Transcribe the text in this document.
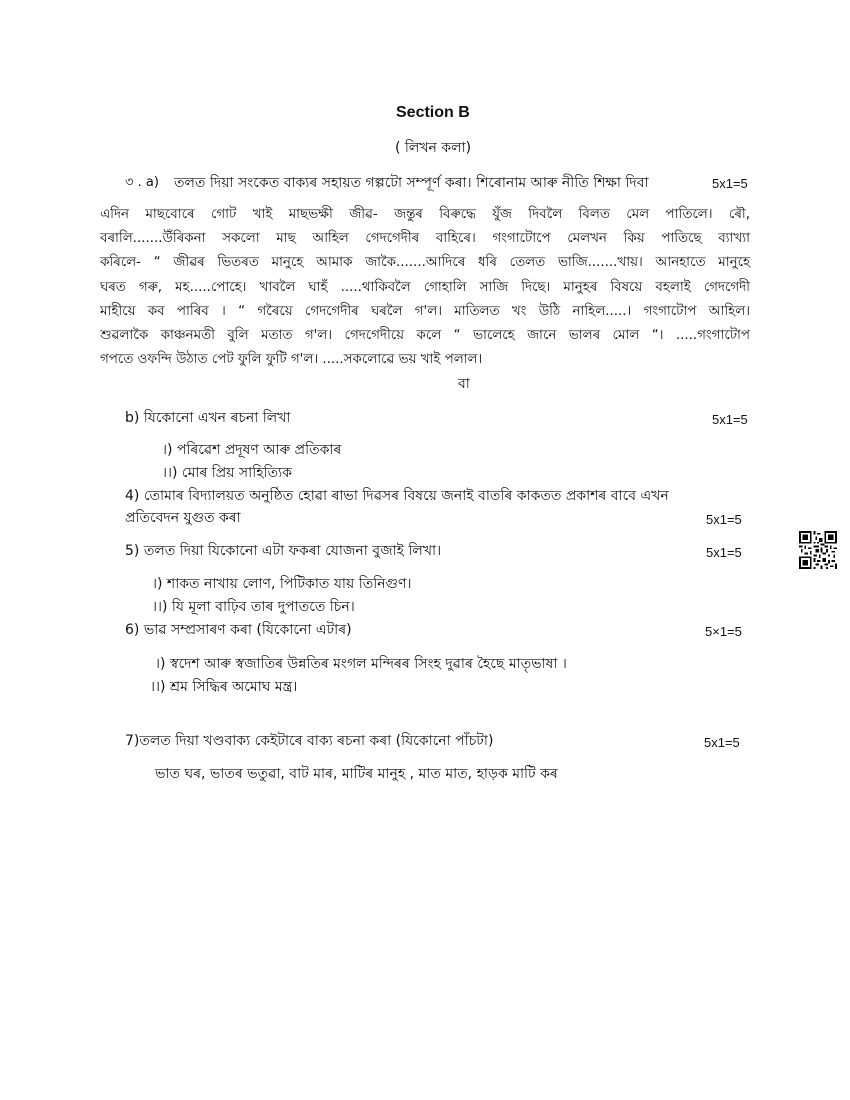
Section B
( লিখন কলা)
৩ . a) তলত দিয়া সংকেত বাক্যৰ সহায়ত গল্পটো সম্পূৰ্ণ কৰা। শিৰোনাম আৰু নীতি শিক্ষা দিবা	5x1=5
এদিন মাছবোৰে গোট খাই মাছভক্ষী জীৱ- জন্তুৰ বিৰুদ্ধে যুঁজ দিবলৈ বিলত মেল পাতিলে। ৰৌ,
বৰালি.......উঁৰিকনা সকলো মাছ আহিল গেদগেদীৰ বাহিৰে। গংগাটোপে মেলখন কিয় পাতিছে ব্যাখ্যা
কৰিলে- “ জীৱৰ ভিতৰত মানুহে আমাক জাকৈ.......আদিৰে ধৰি তেলত ভাজি.......খায়। আনহাতে মানুহে
ঘৰত গৰু, মহ.....পোহে। খাবলৈ ঘাহঁ .....থাকিবলৈ গোহালি সাজি দিছে। মানুহৰ বিষয়ে বহলাই গেদগেদী
মাহীয়ে কব পাৰিব । “ গৰৈয়ে গেদগেদীৰ ঘৰলৈ গ'ল। মাতিলত খং উঠি নাহিল.....। গংগাটোপ আহিল।
শুৱলাকৈ কাঞ্চনমতী বুলি মতাত গ'ল। গেদগেদীয়ে কলে “ ভালেহে জানে ভালৰ মোল “। .....গংগাটোপ
গপতে ওফন্দি উঠাত পেট ফুলি ফুটি গ'ল। .....সকলোৱে ভয় খাই পলাল।
বা
b) যিকোনো এখন ৰচনা লিখা	5x1=5
।) পৰিৱেশ প্ৰদূষণ আৰু প্ৰতিকাৰ
।।) মোৰ প্ৰিয় সাহিত্যিক
4) তোমাৰ বিদ্যালয়ত অনুষ্ঠিত হোৱা ৰাভা দিৱসৰ বিষয়ে জনাই বাতৰি কাকতত প্ৰকাশৰ বাবে এখন
প্ৰতিবেদন যুগুত কৰা	5x1=5
5) তলত দিয়া যিকোনো এটা ফকৰা যোজনা বুজাই লিখা।	5x1=5
।) শাকত নাখায় লোণ, পিটিকাত যায় তিনিগুণ।
।।) যি মূলা বাঢ়িব তাৰ দুপাততে চিন।
6) ভাৱ সম্প্ৰসাৰণ কৰা (যিকোনো এটাৰ)	5×1=5
।) স্বদেশ আৰু স্বজাতিৰ উন্নতিৰ মংগল মন্দিৰৰ সিংহ দুৱাৰ হৈছে মাতৃভাষা ।
।।) শ্ৰম সিদ্ধিৰ অমোঘ মন্ত্ৰ।
7)তলত দিয়া খণ্ডবাক্য কেইটাৰে বাক্য ৰচনা কৰা (যিকোনো পাঁচটা)	5x1=5
ভাত ঘৰ, ভাতৰ ভতুৱা, বাট মাৰ, মাটিৰ মানুহ , মাত মাত, হাড়ক মাটি কৰ
